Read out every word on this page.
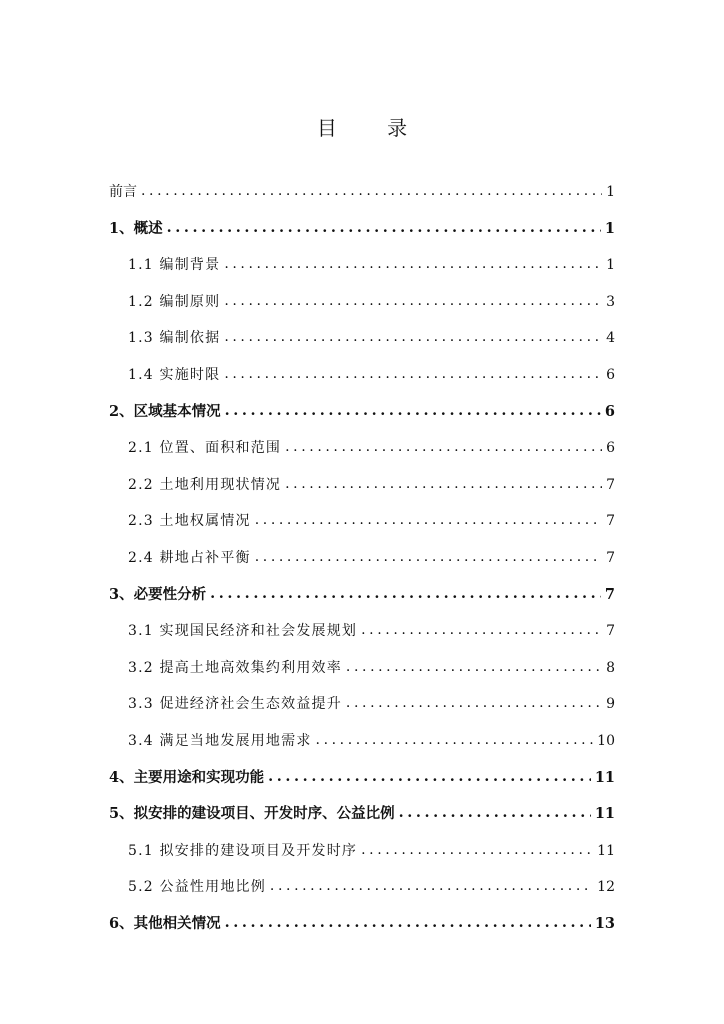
目 录
前言 .....	1
1、概述 .....	1
1.1 编制背景 .....	1
1.2 编制原则 .....	3
1.3 编制依据 .....	4
1.4 实施时限 .....	6
2、区域基本情况 .....	6
2.1 位置、面积和范围 .....	6
2.2 土地利用现状情况 .....	7
2.3 土地权属情况 .....	7
2.4 耕地占补平衡 .....	7
3、必要性分析 .....	7
3.1 实现国民经济和社会发展规划 .....	7
3.2 提高土地高效集约利用效率 .....	8
3.3 促进经济社会生态效益提升 .....	9
3.4 满足当地发展用地需求 .....	10
4、主要用途和实现功能 .....	11
5、拟安排的建设项目、开发时序、公益比例 .....	11
5.1 拟安排的建设项目及开发时序 .....	11
5.2 公益性用地比例 .....	12
6、其他相关情况 .....	13
